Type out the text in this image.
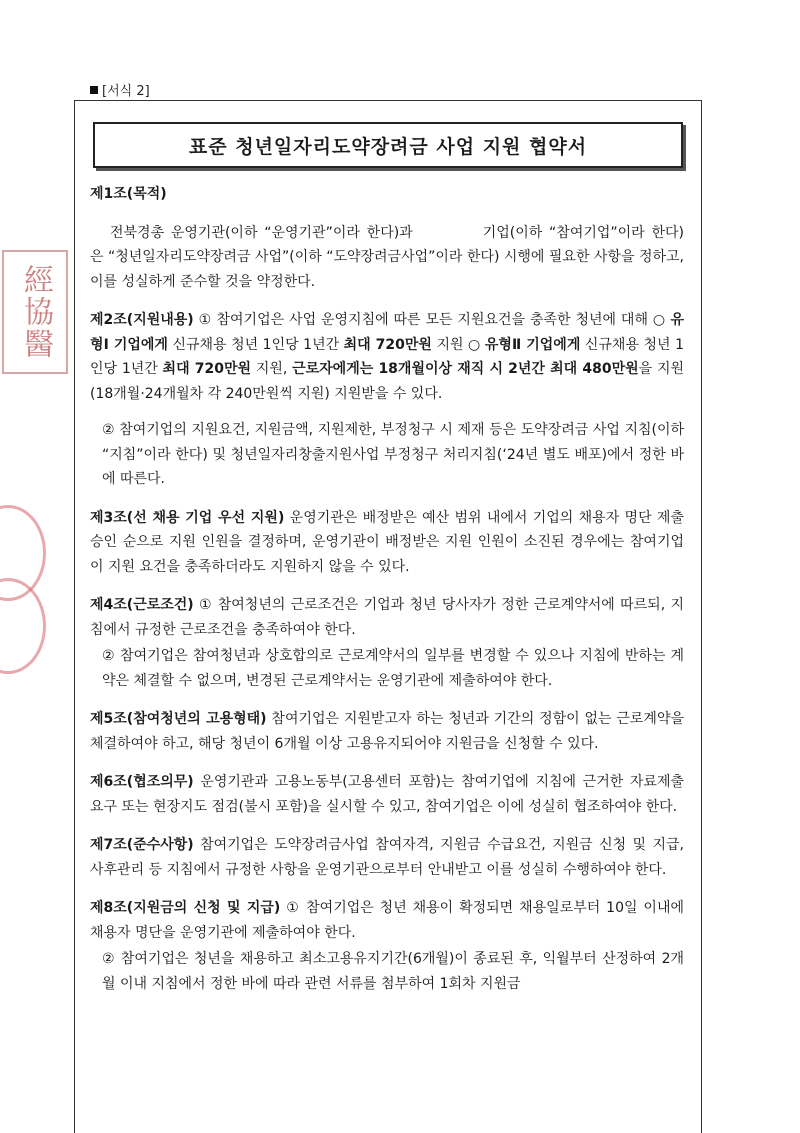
[서식 2]
표준 청년일자리도약장려금 사업 지원 협약서
經協醫
제1조(목적)

전북경총 운영기관(이하 “운영기관”이라 한다)과	기업(이하 “참여기업”이라 한다)은 “청년일자리도약장려금 사업”(이하 “도약장려금사업”이라 한다) 시행에 필요한 사항을 정하고, 이를 성실하게 준수할 것을 약정한다.

제2조(지원내용) ① 참여기업은 사업 운영지침에 따른 모든 지원요건을 충족한 청년에 대해 ○ 유형Ⅰ 기업에게 신규채용 청년 1인당 1년간 최대 720만원 지원 ○ 유형Ⅱ 기업에게 신규채용 청년 1인당 1년간 최대 720만원 지원, 근로자에게는 18개월이상 재직 시 2년간 최대 480만원을 지원 (18개월·24개월차 각 240만원씩 지원) 지원받을 수 있다.

② 참여기업의 지원요건, 지원금액, 지원제한, 부정청구 시 제재 등은 도약장려금 사업 지침(이하 “지침”이라 한다) 및 청년일자리창출지원사업 부정청구 처리지침(‘24년 별도 배포)에서 정한 바에 따른다.

제3조(선 채용 기업 우선 지원) 운영기관은 배정받은 예산 범위 내에서 기업의 채용자 명단 제출 승인 순으로 지원 인원을 결정하며, 운영기관이 배정받은 지원 인원이 소진된 경우에는 참여기업이 지원 요건을 충족하더라도 지원하지 않을 수 있다.

제4조(근로조건) ① 참여청년의 근로조건은 기업과 청년 당사자가 정한 근로계약서에 따르되, 지침에서 규정한 근로조건을 충족하여야 한다.

② 참여기업은 참여청년과 상호합의로 근로계약서의 일부를 변경할 수 있으나 지침에 반하는 계약은 체결할 수 없으며, 변경된 근로계약서는 운영기관에 제출하여야 한다.

제5조(참여청년의 고용형태) 참여기업은 지원받고자 하는 청년과 기간의 정함이 없는 근로계약을 체결하여야 하고, 해당 청년이 6개월 이상 고용유지되어야 지원금을 신청할 수 있다.

제6조(협조의무) 운영기관과 고용노동부(고용센터 포함)는 참여기업에 지침에 근거한 자료제출 요구 또는 현장지도 점검(불시 포함)을 실시할 수 있고, 참여기업은 이에 성실히 협조하여야 한다.

제7조(준수사항) 참여기업은 도약장려금사업 참여자격, 지원금 수급요건, 지원금 신청 및 지급, 사후관리 등 지침에서 규정한 사항을 운영기관으로부터 안내받고 이를 성실히 수행하여야 한다.

제8조(지원금의 신청 및 지급) ① 참여기업은 청년 채용이 확정되면 채용일로부터 10일 이내에 채용자 명단을 운영기관에 제출하여야 한다.

② 참여기업은 청년을 채용하고 최소고용유지기간(6개월)이 종료된 후, 익월부터 산정하여 2개월 이내 지침에서 정한 바에 따라 관련 서류를 첨부하여 1회차 지원금
